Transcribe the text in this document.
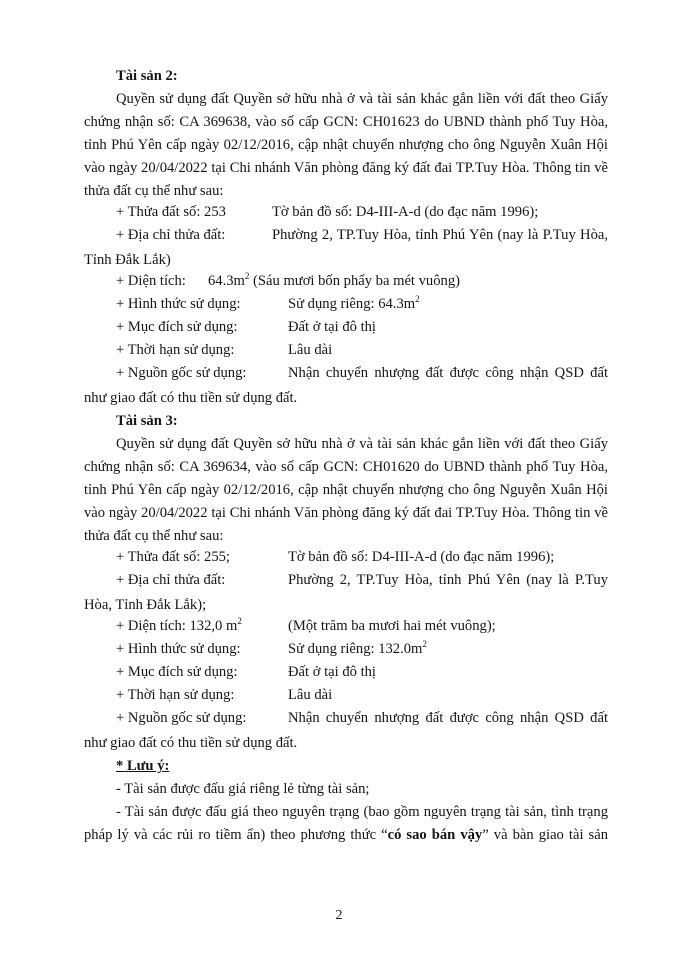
Tài sản 2:
Quyền sử dụng đất Quyền sở hữu nhà ở và tài sản khác gắn liền với đất theo Giấy
chứng nhận số: CA 369638, vào số cấp GCN: CH01623 do UBND thành phố Tuy Hòa,
tỉnh Phú Yên cấp ngày 02/12/2016, cập nhật chuyển nhượng cho ông Nguyễn Xuân Hội
vào ngày 20/04/2022 tại Chi nhánh Văn phòng đăng ký đất đai TP.Tuy Hòa. Thông tin về
thửa đất cụ thể như sau:
+ Thửa đất số: 253	Tờ bản đồ số: D4-III-A-d (do đạc năm 1996);
+ Địa chỉ thửa đất:	Phường 2, TP.Tuy Hòa, tỉnh Phú Yên (nay là P.Tuy Hòa,
Tỉnh Đắk Lắk)
+ Diện tích: $64.3m^2$ (Sáu mươi bốn phẩy ba mét vuông)
+ Hình thức sử dụng:	Sử dụng riêng: $64.3m^2$
+ Mục đích sử dụng:	Đất ở tại đô thị
+ Thời hạn sử dụng:	Lâu dài
+ Nguồn gốc sử dụng:	Nhận chuyển nhượng đất được công nhận QSD đất
như giao đất có thu tiền sử dụng đất.
Tài sản 3:
Quyền sử dụng đất Quyền sở hữu nhà ở và tài sản khác gắn liền với đất theo Giấy
chứng nhận số: CA 369634, vào số cấp GCN: CH01620 do UBND thành phố Tuy Hòa,
tỉnh Phú Yên cấp ngày 02/12/2016, cập nhật chuyển nhượng cho ông Nguyễn Xuân Hội
vào ngày 20/04/2022 tại Chi nhánh Văn phòng đăng ký đất đai TP.Tuy Hòa. Thông tin về
thửa đất cụ thể như sau:
+ Thửa đất số: 255;	Tờ bản đồ số: D4-III-A-d (do đạc năm 1996);
+ Địa chỉ thửa đất:	Phường 2, TP.Tuy Hòa, tỉnh Phú Yên (nay là P.Tuy
Hòa, Tỉnh Đắk Lắk);
+ Diện tích: 132,0 $m^2$	(Một trăm ba mươi hai mét vuông);
+ Hình thức sử dụng:	Sử dụng riêng: $132.0m^2$
+ Mục đích sử dụng:	Đất ở tại đô thị
+ Thời hạn sử dụng:	Lâu dài
+ Nguồn gốc sử dụng:	Nhận chuyển nhượng đất được công nhận QSD đất
như giao đất có thu tiền sử dụng đất.
* Lưu ý:
- Tài sản được đấu giá riêng lẻ từng tài sản;
- Tài sản được đấu giá theo nguyên trạng (bao gồm nguyên trạng tài sản, tình trạng
pháp lý và các rủi ro tiềm ẩn) theo phương thức “có sao bán vậy” và bàn giao tài sản
2
